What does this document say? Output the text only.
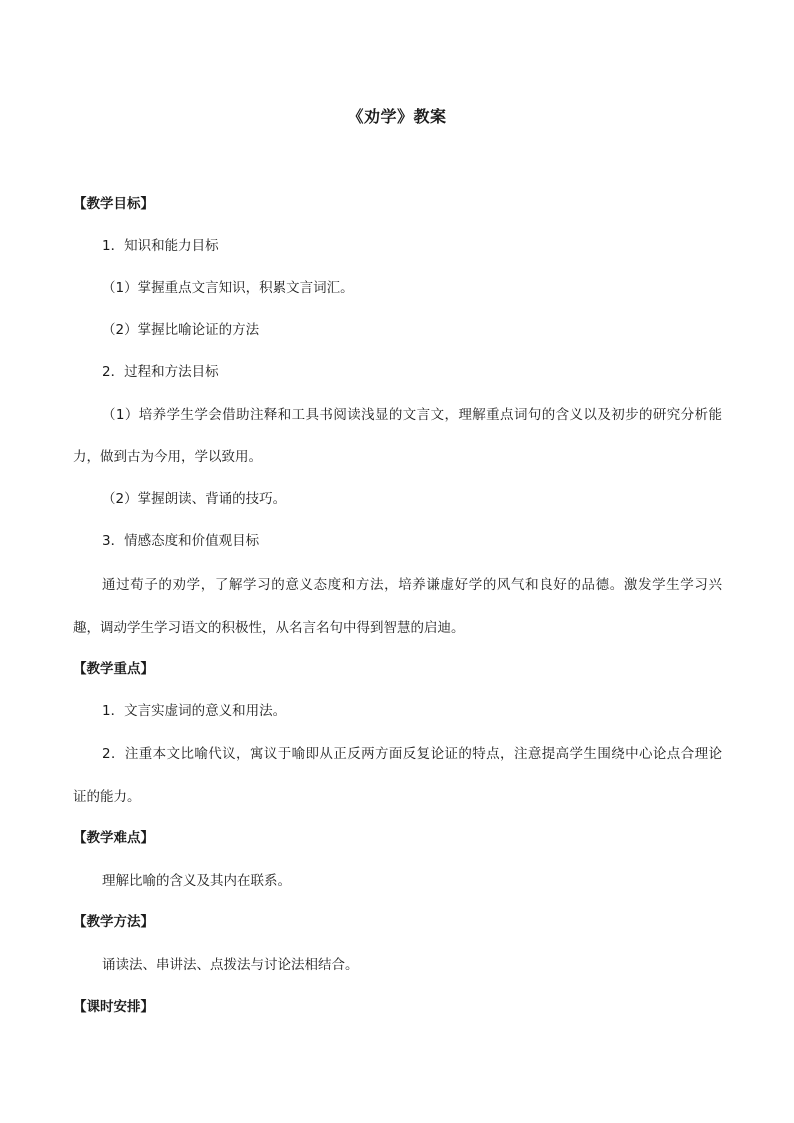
《劝学》教案
【教学目标】
1．知识和能力目标
（1）掌握重点文言知识，积累文言词汇。
（2）掌握比喻论证的方法
2．过程和方法目标
（1）培养学生学会借助注释和工具书阅读浅显的文言文，理解重点词句的含义以及初步的研究分析能
力，做到古为今用，学以致用。
（2）掌握朗读、背诵的技巧。
3．情感态度和价值观目标
通过荀子的劝学，了解学习的意义态度和方法，培养谦虚好学的风气和良好的品德。激发学生学习兴
趣，调动学生学习语文的积极性，从名言名句中得到智慧的启迪。
【教学重点】
1．文言实虚词的意义和用法。
2．注重本文比喻代议，寓议于喻即从正反两方面反复论证的特点，注意提高学生围绕中心论点合理论
证的能力。
【教学难点】
理解比喻的含义及其内在联系。
【教学方法】
诵读法、串讲法、点拨法与讨论法相结合。
【课时安排】
